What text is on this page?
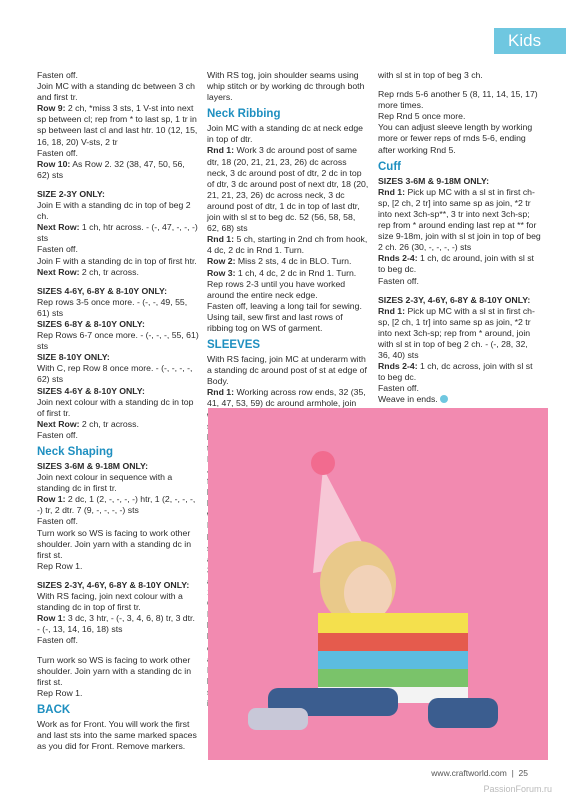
Kids

Fasten off.

Join MC with a standing dc between 3 ch and first tr.

Row 9: 2 ch, *miss 3 sts, 1 V-st into next sp between cl; rep from * to last sp, 1 tr in sp between last cl and last htr. 10 (12, 15, 16, 18, 20) V-sts, 2 tr

Fasten off.

Row 10: As Row 2. 32 (38, 47, 50, 56, 62) sts

SIZE 2-3Y ONLY:

Join E with a standing dc in top of beg 2 ch.

Next Row: 1 ch, htr across. - (-, 47, -, -, -) sts

Fasten off.

Join F with a standing dc in top of first htr.

Next Row: 2 ch, tr across.

SIZES 4-6Y, 6-8Y & 8-10Y ONLY:

Rep rows 3-5 once more. - (-, -, 49, 55, 61) sts

SIZES 6-8Y & 8-10Y ONLY:

Rep Rows 6-7 once more. - (-, -, -, 55, 61) sts

SIZE 8-10Y ONLY:

With C, rep Row 8 once more. - (-, -, -, -, 62) sts

SIZES 4-6Y & 8-10Y ONLY:

Join next colour with a standing dc in top of first tr.

Next Row: 2 ch, tr across.

Fasten off.

Neck Shaping

SIZES 3-6M & 9-18M ONLY:

Join next colour in sequence with a standing dc in first tr.

Row 1: 2 dc, 1 (2, -, -, -, -) htr, 1 (2, -, -, -, -) tr, 2 dtr. 7 (9, -, -, -, -) sts

Fasten off.

Turn work so WS is facing to work other shoulder. Join yarn with a standing dc in first st.

Rep Row 1.

SIZES 2-3Y, 4-6Y, 6-8Y & 8-10Y ONLY:

With RS facing, join next colour with a standing dc in top of first tr.

Row 1: 3 dc, 3 htr, - (-, 3, 4, 6, 8) tr, 3 dtr. - (-, 13, 14, 16, 18) sts

Fasten off.

Turn work so WS is facing to work other shoulder. Join yarn with a standing dc in first st.

Rep Row 1.

BACK

Work as for Front. You will work the first and last sts into the same marked spaces as you did for Front. Remove markers.

With RS tog, join shoulder seams using whip stitch or by working dc through both layers.

Neck Ribbing

Join MC with a standing dc at neck edge in top of dtr.

Rnd 1: Work 3 dc around post of same dtr, 18 (20, 21, 21, 23, 26) dc across neck, 3 dc around post of dtr, 2 dc in top of dtr, 3 dc around post of next dtr, 18 (20, 21, 21, 23, 26) dc across neck, 3 dc around post of dtr, 1 dc in top of last dtr, join with sl st to beg dc. 52 (56, 58, 58, 62, 68) sts

Rnd 1: 5 ch, starting in 2nd ch from hook, 4 dc, 2 dc in Rnd 1. Turn.

Row 2: Miss 2 sts, 4 dc in BLO. Turn.

Row 3: 1 ch, 4 dc, 2 dc in Rnd 1. Turn.

Rep rows 2-3 until you have worked around the entire neck edge.

Fasten off, leaving a long tail for sewing. Using tail, sew first and last rows of ribbing tog on WS of garment.

SLEEVES

With RS facing, join MC at underarm with a standing dc around post of st at edge of Body.

Rnd 1: Working across row ends, 32 (35, 41, 47, 53, 59) dc around armhole, join

with sl st in top of beg 3 ch.

Rep rnds 5-6 another 5 (8, 11, 14, 15, 17) more times.

Rep Rnd 5 once more.

You can adjust sleeve length by working more or fewer reps of rnds 5-6, ending after working Rnd 5.

Cuff

SIZES 3-6M & 9-18M ONLY:

Rnd 1: Pick up MC with a sl st in first ch-sp, [2 ch, 2 tr] into same sp as join, *2 tr into next 3ch-sp**, 3 tr into next 3ch-sp; rep from * around ending last rep at ** for size 9-18m, join with sl st join in top of beg 2 ch. 26 (30, -, -, -, -) sts

Rnds 2-4: 1 ch, dc around, join with sl st to beg dc.

Fasten off.

SIZES 2-3Y, 4-6Y, 6-8Y & 8-10Y ONLY:

Rnd 1: Pick up MC with a sl st in first ch-sp, [2 ch, 1 tr] into same sp as join, *2 tr into next 3ch-sp; rep from * around, join with sl st in top of beg 2 ch. - (-, 28, 32, 36, 40) sts

Rnds 2-4: 1 ch, dc across, join with sl st to beg dc.

Fasten off.

Weave in ends.

www.craftworld.com  |  25
PassionForum.ru
